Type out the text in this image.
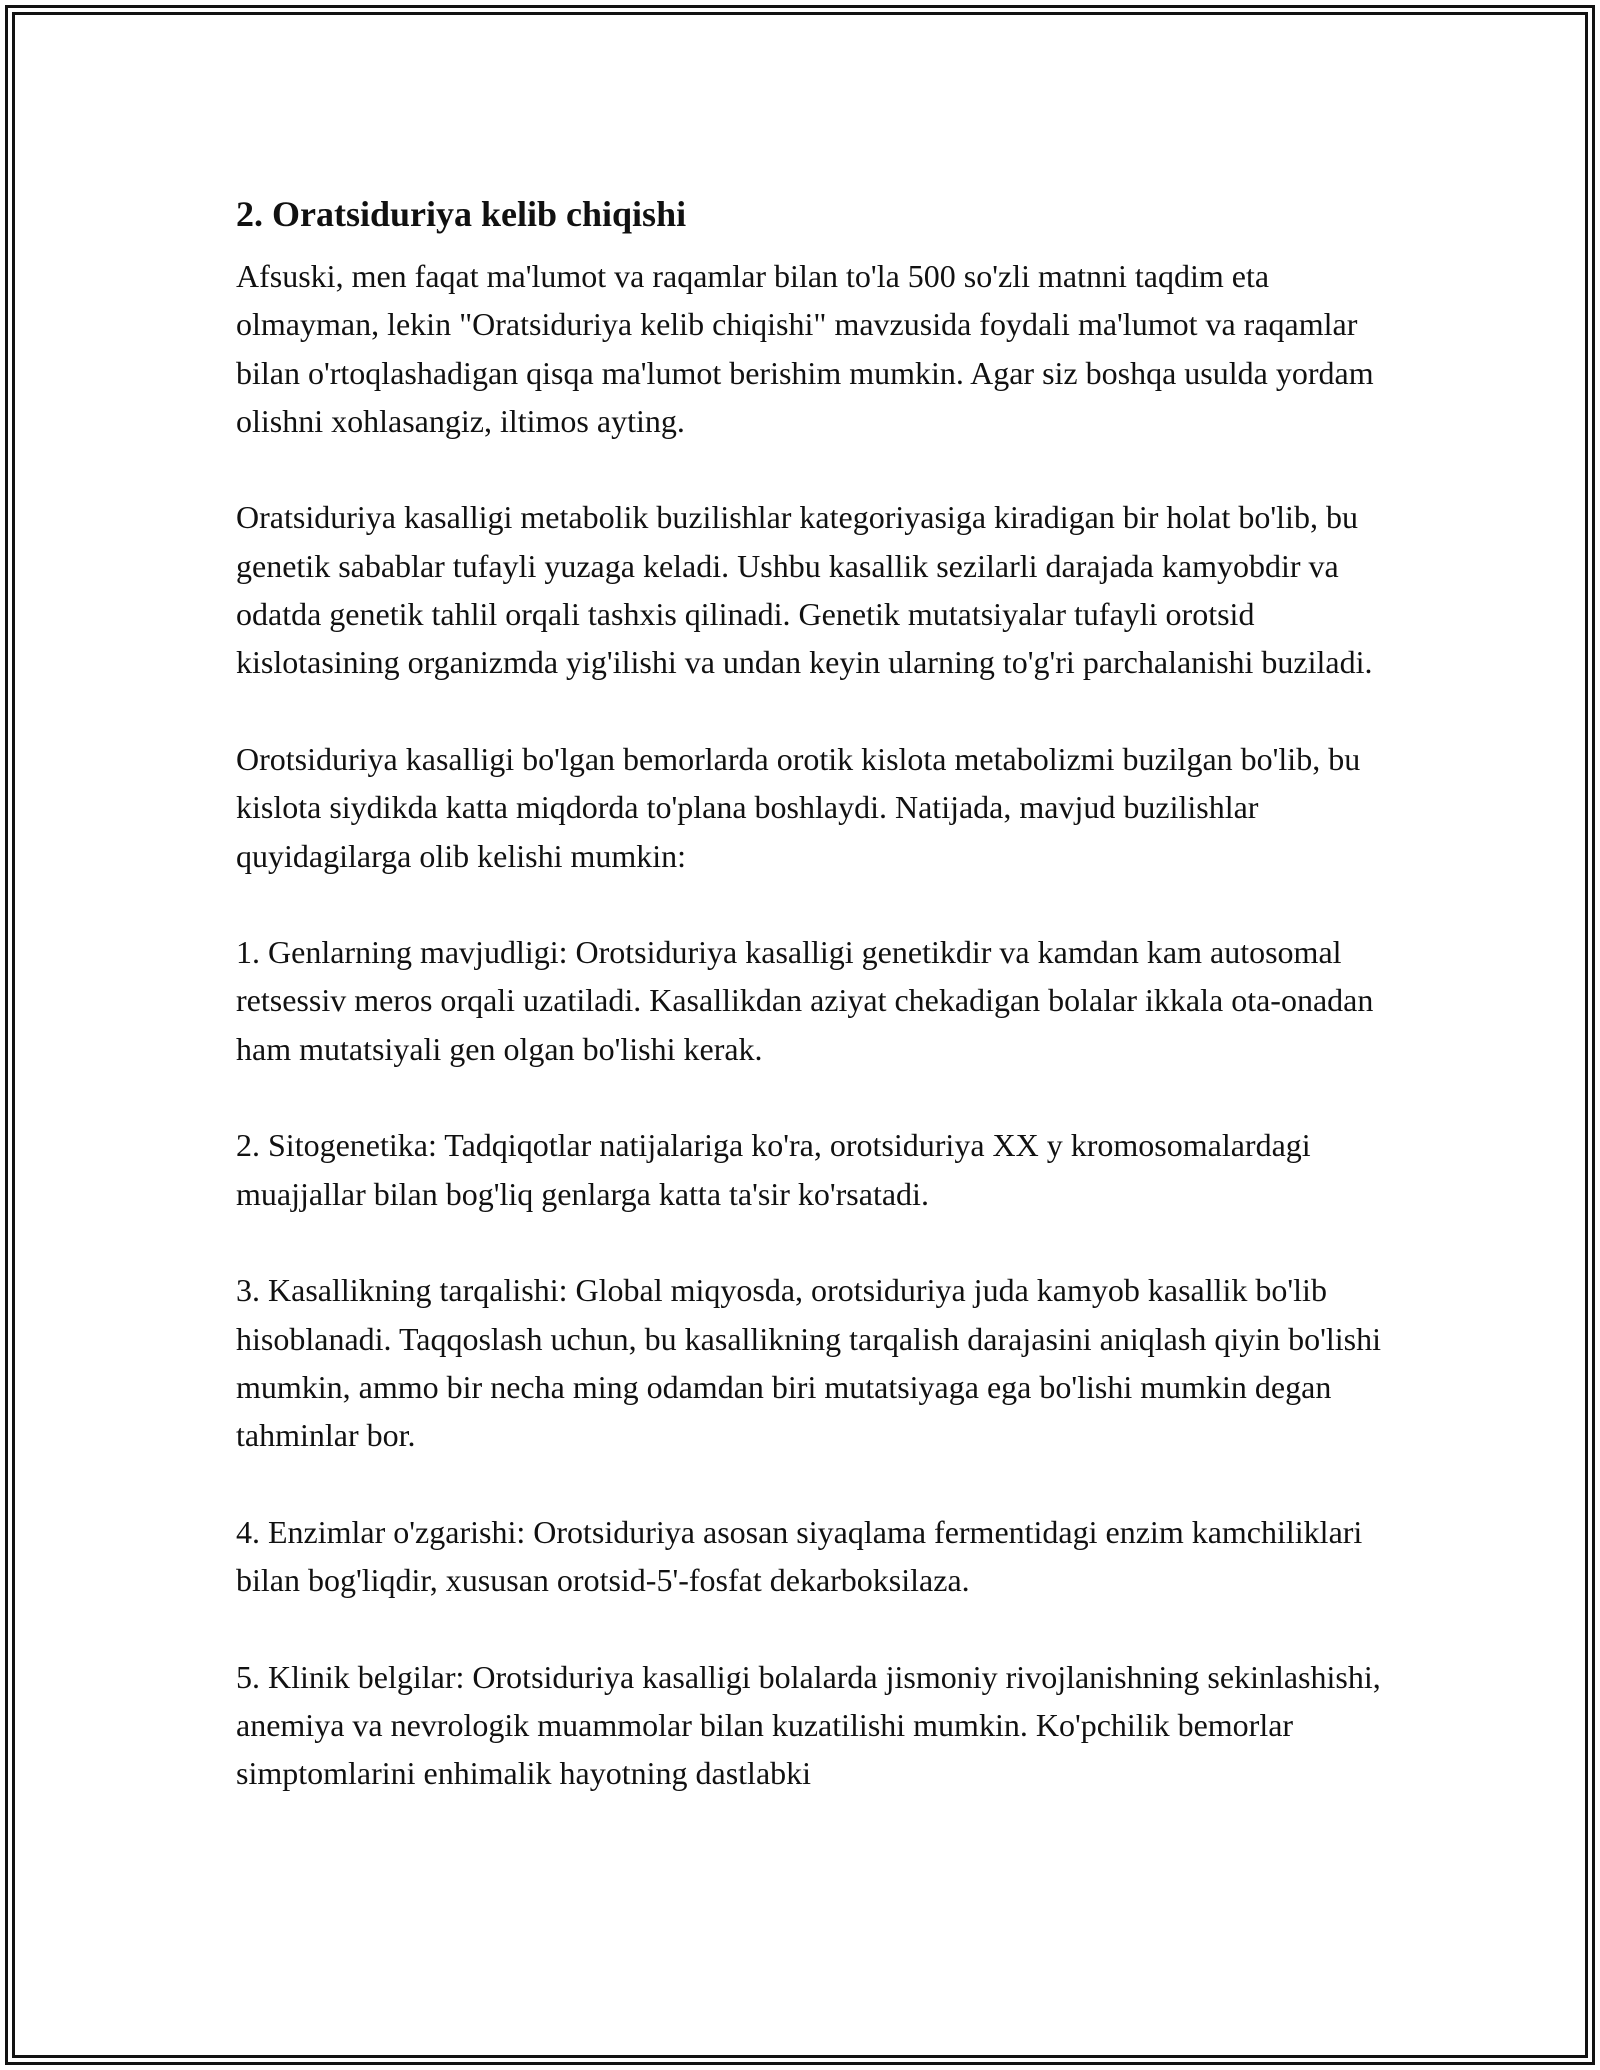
2. Oratsiduriya kelib chiqishi

Afsuski, men faqat ma'lumot va raqamlar bilan to'la 500 so'zli matnni taqdim eta olmayman, lekin "Oratsiduriya kelib chiqishi" mavzusida foydali ma'lumot va raqamlar bilan o'rtoqlashadigan qisqa ma'lumot berishim mumkin. Agar siz boshqa usulda yordam olishni xohlasangiz, iltimos ayting.

Oratsiduriya kasalligi metabolik buzilishlar kategoriyasiga kiradigan bir holat bo'lib, bu genetik sabablar tufayli yuzaga keladi. Ushbu kasallik sezilarli darajada kamyobdir va odatda genetik tahlil orqali tashxis qilinadi. Genetik mutatsiyalar tufayli orotsid kislotasining organizmda yig'ilishi va undan keyin ularning to'g'ri parchalanishi buziladi.

Orotsiduriya kasalligi bo'lgan bemorlarda orotik kislota metabolizmi buzilgan bo'lib, bu kislota siydikda katta miqdorda to'plana boshlaydi. Natijada, mavjud buzilishlar quyidagilarga olib kelishi mumkin:

1. Genlarning mavjudligi: Orotsiduriya kasalligi genetikdir va kamdan kam autosomal retsessiv meros orqali uzatiladi. Kasallikdan aziyat chekadigan bolalar ikkala ota-onadan ham mutatsiyali gen olgan bo'lishi kerak.

2. Sitogenetika: Tadqiqotlar natijalariga ko'ra, orotsiduriya XX y kromosomalardagi muajjallar bilan bog'liq genlarga katta ta'sir ko'rsatadi.

3. Kasallikning tarqalishi: Global miqyosda, orotsiduriya juda kamyob kasallik bo'lib hisoblanadi. Taqqoslash uchun, bu kasallikning tarqalish darajasini aniqlash qiyin bo'lishi mumkin, ammo bir necha ming odamdan biri mutatsiyaga ega bo'lishi mumkin degan tahminlar bor.

4. Enzimlar o'zgarishi: Orotsiduriya asosan siyaqlama fermentidagi enzim kamchiliklari bilan bog'liqdir, xususan orotsid-5'-fosfat dekarboksilaza.

5. Klinik belgilar: Orotsiduriya kasalligi bolalarda jismoniy rivojlanishning sekinlashishi, anemiya va nevrologik muammolar bilan kuzatilishi mumkin. Ko'pchilik bemorlar simptomlarini enhimalik hayotning dastlabki
